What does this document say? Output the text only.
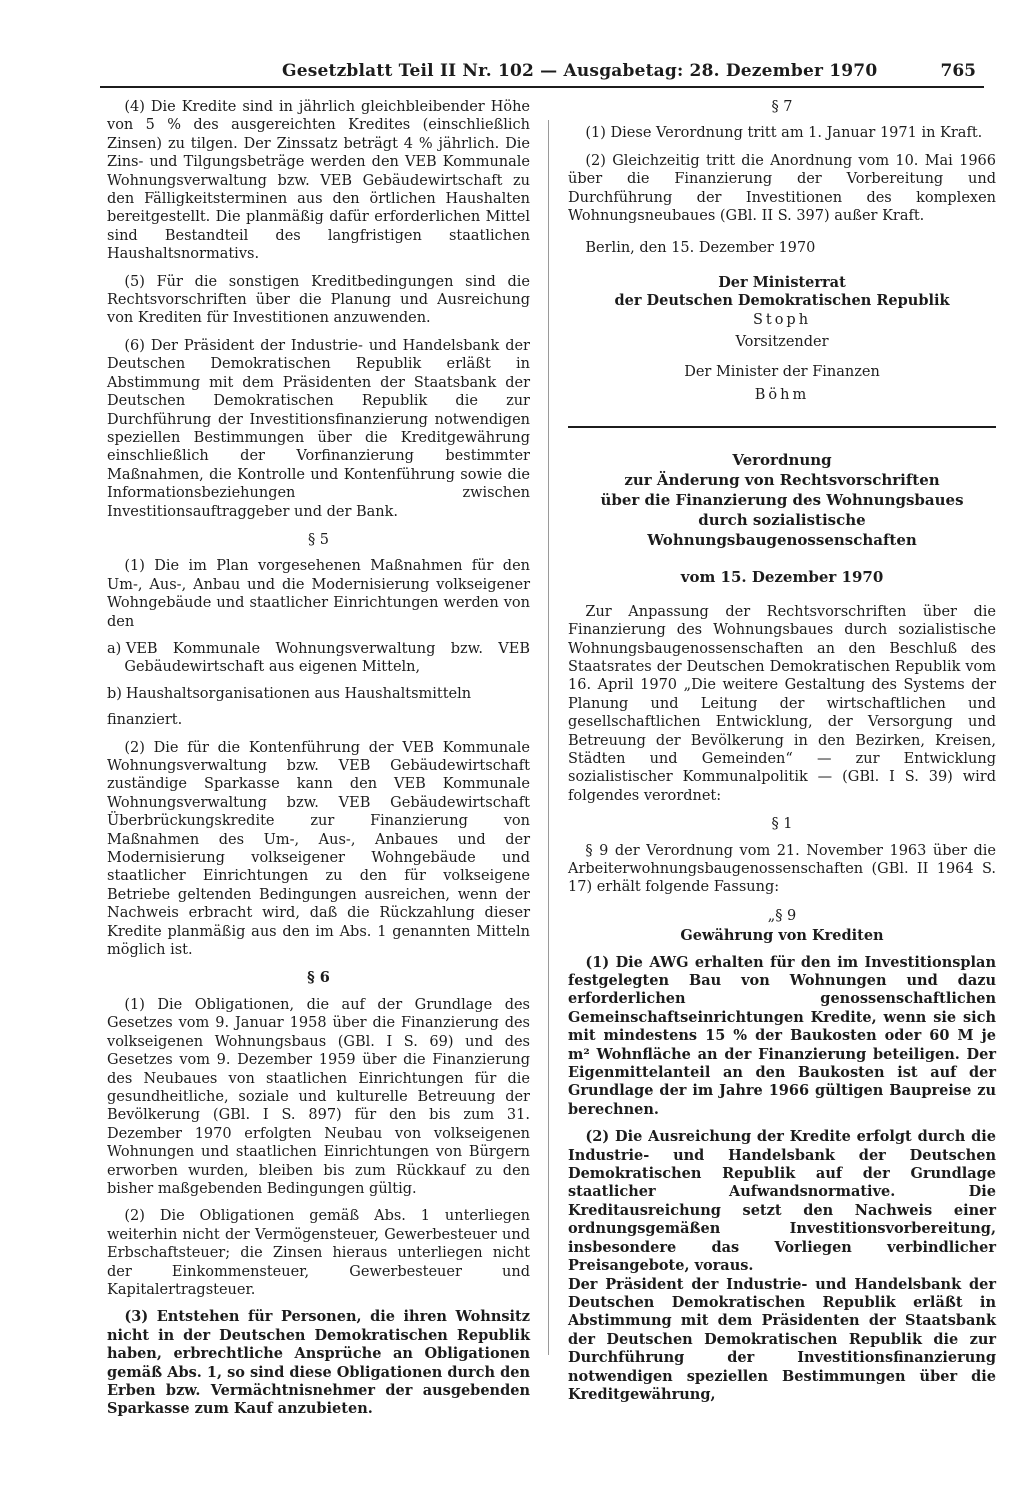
Gesetzblatt Teil II Nr. 102 — Ausgabetag: 28. Dezember 1970	765

(4) Die Kredite sind in jährlich gleichbleibender Höhe von 5 % des ausgereichten Kredites (einschließlich Zinsen) zu tilgen. Der Zinssatz beträgt 4 % jährlich. Die Zins- und Tilgungsbeträge werden den VEB Kommunale Wohnungsverwaltung bzw. VEB Gebäudewirtschaft zu den Fälligkeitsterminen aus den örtlichen Haushalten bereitgestellt. Die planmäßig dafür erforderlichen Mittel sind Bestandteil des langfristigen staatlichen Haushaltsnormativs.

(5) Für die sonstigen Kreditbedingungen sind die Rechtsvorschriften über die Planung und Ausreichung von Krediten für Investitionen anzuwenden.

(6) Der Präsident der Industrie- und Handelsbank der Deutschen Demokratischen Republik erläßt in Abstimmung mit dem Präsidenten der Staatsbank der Deutschen Demokratischen Republik die zur Durchführung der Investitionsfinanzierung notwendigen speziellen Bestimmungen über die Kreditgewährung einschließlich der Vorfinanzierung bestimmter Maßnahmen, die Kontrolle und Kontenführung sowie die Informationsbeziehungen zwischen Investitionsauftraggeber und der Bank.

§ 5

(1) Die im Plan vorgesehenen Maßnahmen für den Um-, Aus-, Anbau und die Modernisierung volkseigener Wohngebäude und staatlicher Einrichtungen werden von den

a) VEB Kommunale Wohnungsverwaltung bzw. VEB Gebäudewirtschaft aus eigenen Mitteln,

b) Haushaltsorganisationen aus Haushaltsmitteln

finanziert.

(2) Die für die Kontenführung der VEB Kommunale Wohnungsverwaltung bzw. VEB Gebäudewirtschaft zuständige Sparkasse kann den VEB Kommunale Wohnungsverwaltung bzw. VEB Gebäudewirtschaft Überbrückungskredite zur Finanzierung von Maßnahmen des Um-, Aus-, Anbaues und der Modernisierung volkseigener Wohngebäude und staatlicher Einrichtungen zu den für volkseigene Betriebe geltenden Bedingungen ausreichen, wenn der Nachweis erbracht wird, daß die Rückzahlung dieser Kredite planmäßig aus den im Abs. 1 genannten Mitteln möglich ist.

§ 6

(1) Die Obligationen, die auf der Grundlage des Gesetzes vom 9. Januar 1958 über die Finanzierung des volkseigenen Wohnungsbaus (GBl. I S. 69) und des Gesetzes vom 9. Dezember 1959 über die Finanzierung des Neubaues von staatlichen Einrichtungen für die gesundheitliche, soziale und kulturelle Betreuung der Bevölkerung (GBl. I S. 897) für den bis zum 31. Dezember 1970 erfolgten Neubau von volkseigenen Wohnungen und staatlichen Einrichtungen von Bürgern erworben wurden, bleiben bis zum Rückkauf zu den bisher maßgebenden Bedingungen gültig.

(2) Die Obligationen gemäß Abs. 1 unterliegen weiterhin nicht der Vermögensteuer, Gewerbesteuer und Erbschaftsteuer; die Zinsen hieraus unterliegen nicht der Einkommensteuer, Gewerbesteuer und Kapitalertragsteuer.

(3) Entstehen für Personen, die ihren Wohnsitz nicht in der Deutschen Demokratischen Republik haben, erbrechtliche Ansprüche an Obligationen gemäß Abs. 1, so sind diese Obligationen durch den Erben bzw. Vermächtnisnehmer der ausgebenden Sparkasse zum Kauf anzubieten.

§ 7

(1) Diese Verordnung tritt am 1. Januar 1971 in Kraft.

(2) Gleichzeitig tritt die Anordnung vom 10. Mai 1966 über die Finanzierung der Vorbereitung und Durchführung der Investitionen des komplexen Wohnungsneubaues (GBl. II S. 397) außer Kraft.

Berlin, den 15. Dezember 1970

Der Ministerrat

der Deutschen Demokratischen Republik

Stoph

Vorsitzender

Der Minister der Finanzen

Böhm

Verordnung

zur Änderung von Rechtsvorschriften

über die Finanzierung des Wohnungsbaues

durch sozialistische Wohnungsbaugenossenschaften

vom 15. Dezember 1970

Zur Anpassung der Rechtsvorschriften über die Finanzierung des Wohnungsbaues durch sozialistische Wohnungsbaugenossenschaften an den Beschluß des Staatsrates der Deutschen Demokratischen Republik vom 16. April 1970 „Die weitere Gestaltung des Systems der Planung und Leitung der wirtschaftlichen und gesellschaftlichen Entwicklung, der Versorgung und Betreuung der Bevölkerung in den Bezirken, Kreisen, Städten und Gemeinden“ — zur Entwicklung sozialistischer Kommunalpolitik — (GBl. I S. 39) wird folgendes verordnet:

§ 1

§ 9 der Verordnung vom 21. November 1963 über die Arbeiterwohnungsbaugenossenschaften (GBl. II 1964 S. 17) erhält folgende Fassung:

„§ 9

Gewährung von Krediten

(1) Die AWG erhalten für den im Investitionsplan festgelegten Bau von Wohnungen und dazu erforderlichen genossenschaftlichen Gemeinschaftseinrichtungen Kredite, wenn sie sich mit mindestens 15 % der Baukosten oder 60 M je m² Wohnfläche an der Finanzierung beteiligen. Der Eigenmittelanteil an den Baukosten ist auf der Grundlage der im Jahre 1966 gültigen Baupreise zu berechnen.

(2) Die Ausreichung der Kredite erfolgt durch die Industrie- und Handelsbank der Deutschen Demokratischen Republik auf der Grundlage staatlicher Aufwandsnormative. Die Kreditausreichung setzt den Nachweis einer ordnungsgemäßen Investitionsvorbereitung, insbesondere das Vorliegen verbindlicher Preisangebote, voraus.

Der Präsident der Industrie- und Handelsbank der Deutschen Demokratischen Republik erläßt in Abstimmung mit dem Präsidenten der Staatsbank der Deutschen Demokratischen Republik die zur Durchführung der Investitionsfinanzierung notwendigen speziellen Bestimmungen über die Kreditgewährung,
